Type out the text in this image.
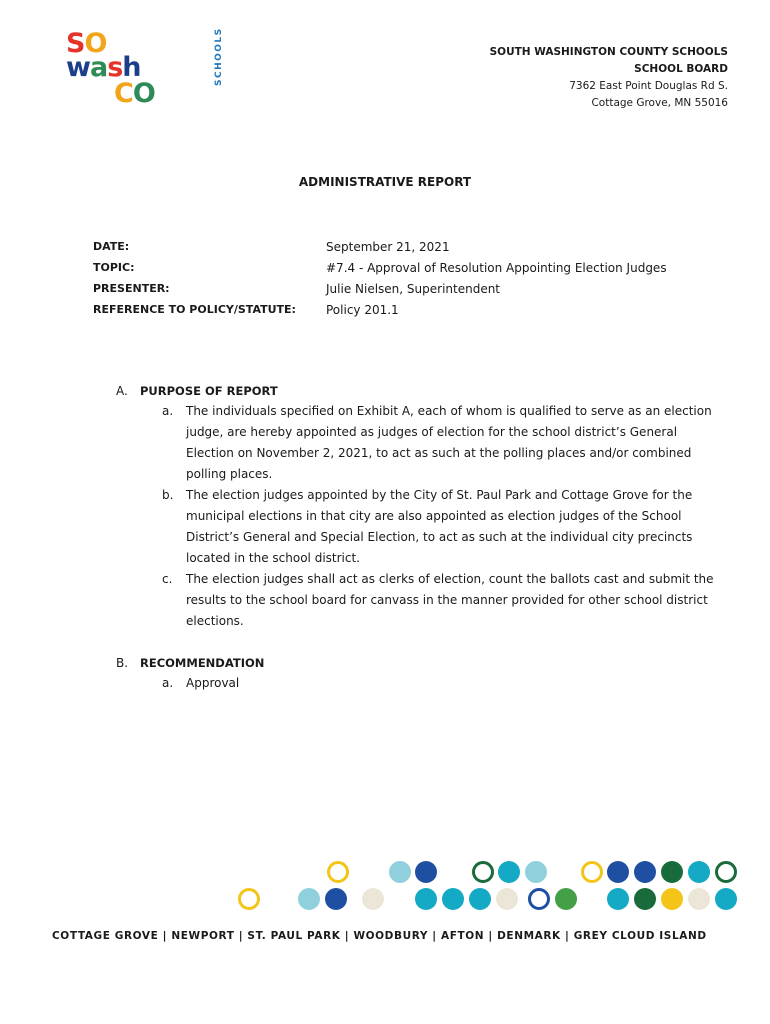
SO
wash
CO
SCHOOLS	SOUTH WASHINGTON COUNTY SCHOOLS
SCHOOL BOARD
7362 East Point Douglas Rd S.
Cottage Grove, MN 55016
ADMINISTRATIVE REPORT
DATE:	September 21, 2021
TOPIC:	#7.4 - Approval of Resolution Appointing Election Judges
PRESENTER:	Julie Nielsen, Superintendent
REFERENCE TO POLICY/STATUTE:	Policy 201.1
A.	PURPOSE OF REPORT
a.	The individuals specified on Exhibit A, each of whom is qualified to serve as an election judge, are hereby appointed as judges of election for the school district’s General Election on November 2, 2021, to act as such at the polling places and/or combined polling places.
b.	The election judges appointed by the City of St. Paul Park and Cottage Grove for the municipal elections in that city are also appointed as election judges of the School District’s General and Special Election, to act as such at the individual city precincts located in the school district.
c.	The election judges shall act as clerks of election, count the ballots cast and submit the results to the school board for canvass in the manner provided for other school district elections.
B.	RECOMMENDATION
a.	Approval
COTTAGE GROVE | NEWPORT | ST. PAUL PARK | WOODBURY | AFTON | DENMARK | GREY CLOUD ISLAND
